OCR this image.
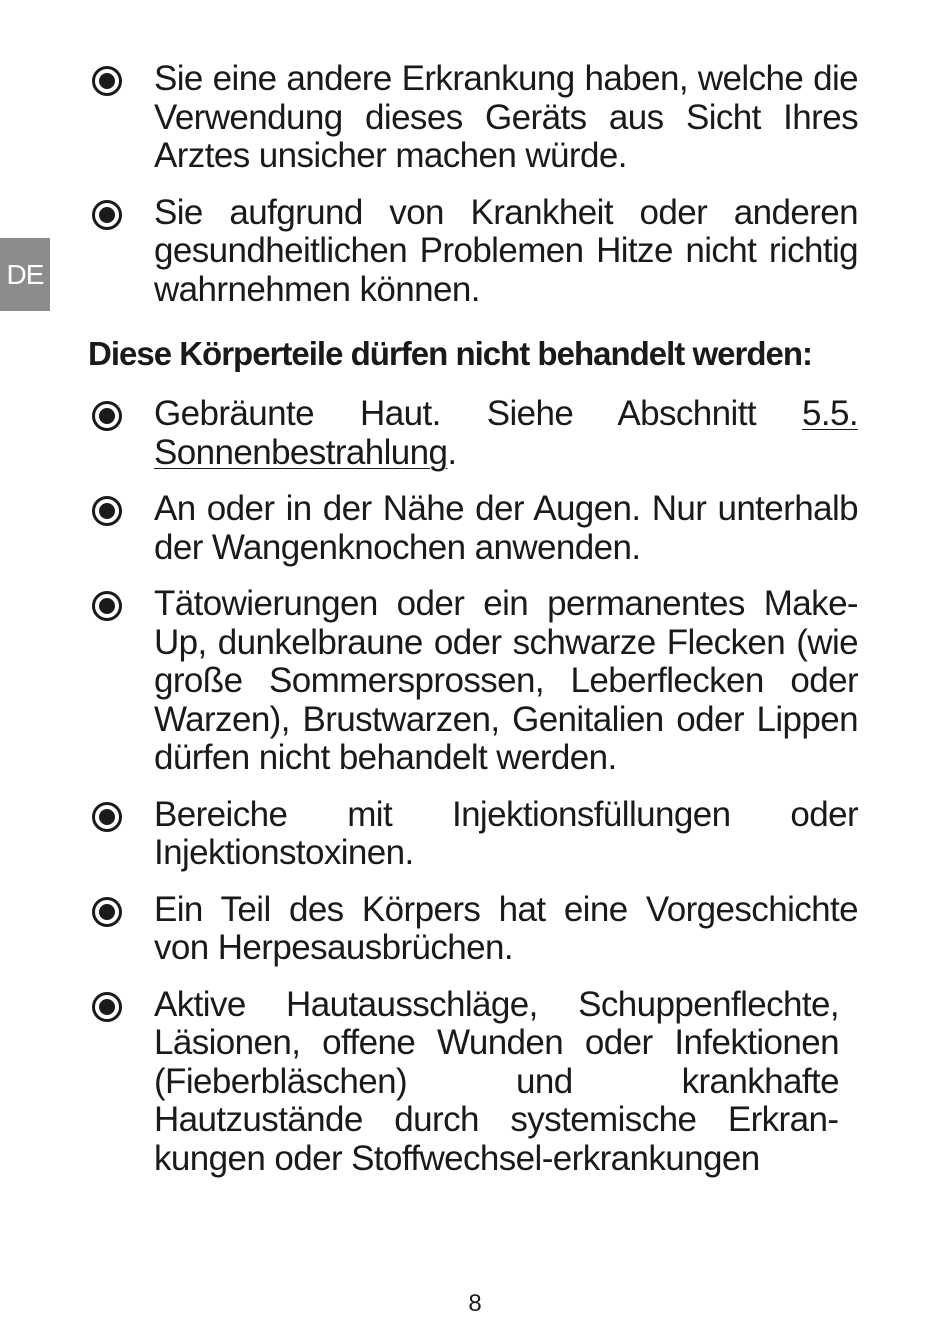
DE
Sie eine andere Erkrankung haben, welche die Verwendung dieses Geräts aus Sicht Ihres Arztes unsicher machen würde.
Sie aufgrund von Krankheit oder anderen gesundheitlichen Problemen Hitze nicht richtig wahrnehmen können.
Diese Körperteile dürfen nicht behandelt werden:
Gebräunte Haut. Siehe Abschnitt 5.5. Sonnenbestrahlung.
An oder in der Nähe der Augen. Nur unterhalb der Wangenknochen anwenden.
Tätowierungen oder ein permanentes Make-Up, dunkelbraune oder schwarze Flecken (wie große Sommersprossen, Leberflecken oder Warzen), Brustwarzen, Genitalien oder Lippen dürfen nicht behandelt werden.
Bereiche mit Injektionsfüllungen oder Injektionstoxinen.
Ein Teil des Körpers hat eine Vorgeschichte von Herpesausbrüchen.
Aktive Hautausschläge, Schuppenflechte, Läsionen, offene Wunden oder Infektionen (Fieberbläschen) und krankhafte Hautzustände durch systemische Erkrankungen oder Stoffwechsel-erkrankungen
8
